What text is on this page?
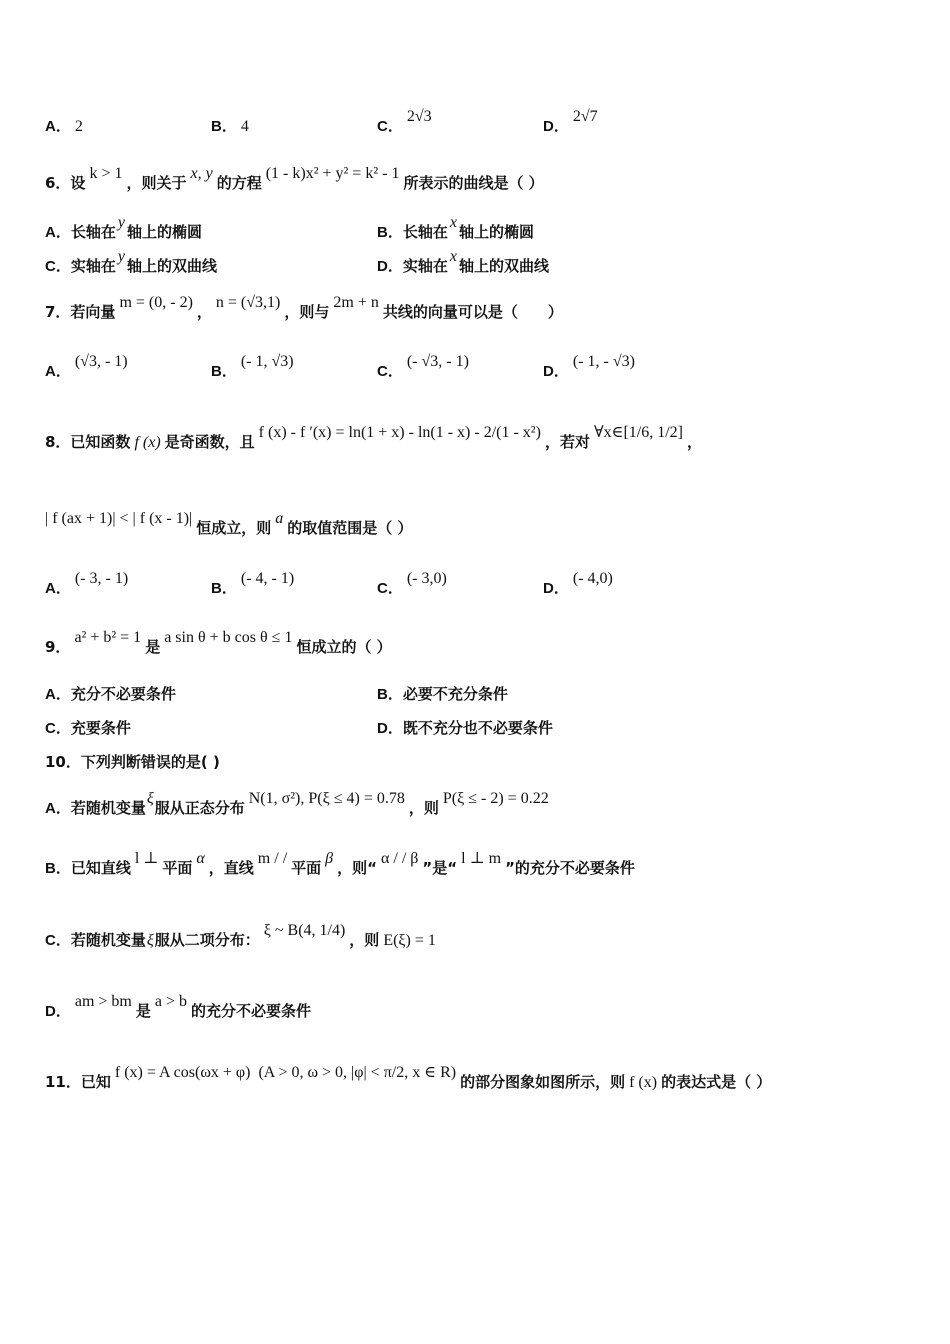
A． 2	B． 4	C．
2√3
D．
2√7
6．设
k > 1
，则关于
x, y
的方程
(1 - k)x² + y² = k² - 1
所表示的曲线是（ ）
A． 长轴在
y
轴上的椭圆	B． 长轴在
x
轴上的椭圆
C． 实轴在
y
轴上的双曲线	D． 实轴在
x
轴上的双曲线
7．若向量
m = (0, - 2)
，
n = (√3,1)
，则与
2m + n
共线的向量可以是（　　）
A．
(√3, - 1)
B．
(- 1, √3)
C．
(- √3, - 1)
D．
(- 1, - √3)
8．已知函数 f (x) 是奇函数，且
f (x) - f ′(x) = ln(1 + x) - ln(1 - x) - 2/(1 - x²)
，若对
∀x∈[1/6, 1/2]
，
| f (ax + 1)| < | f (x - 1)|
恒成立，则
a
的取值范围是（ ）
A．
(- 3, - 1)
B．
(- 4, - 1)
C．
(- 3,0)
D．
(- 4,0)
9．
a² + b² = 1
是
a sin θ + b cos θ ≤ 1
恒成立的（ ）
A． 充分不必要条件	B． 必要不充分条件
C． 充要条件	D． 既不充分也不必要条件
10．下列判断错误的是( )
A． 若随机变量
ξ
服从正态分布
N(1, σ²), P(ξ ≤ 4) = 0.78
，则
P(ξ ≤ - 2) = 0.22
B． 已知直线
l ⊥
平面
α
，直线
m / /
平面
β
，则“
α / / β
”是“
l ⊥ m
”的充分不必要条件
C． 若随机变量 ξ 服从二项分布：
ξ ~ B(4, 1/4)
，则 E(ξ) = 1
D．
am > bm
是
a > b
的充分不必要条件
11．已知
f (x) = A cos(ωx + φ) (A > 0, ω > 0, |φ| < π/2, x ∈ R)
的部分图象如图所示，则 f (x) 的表达式是（ ）
